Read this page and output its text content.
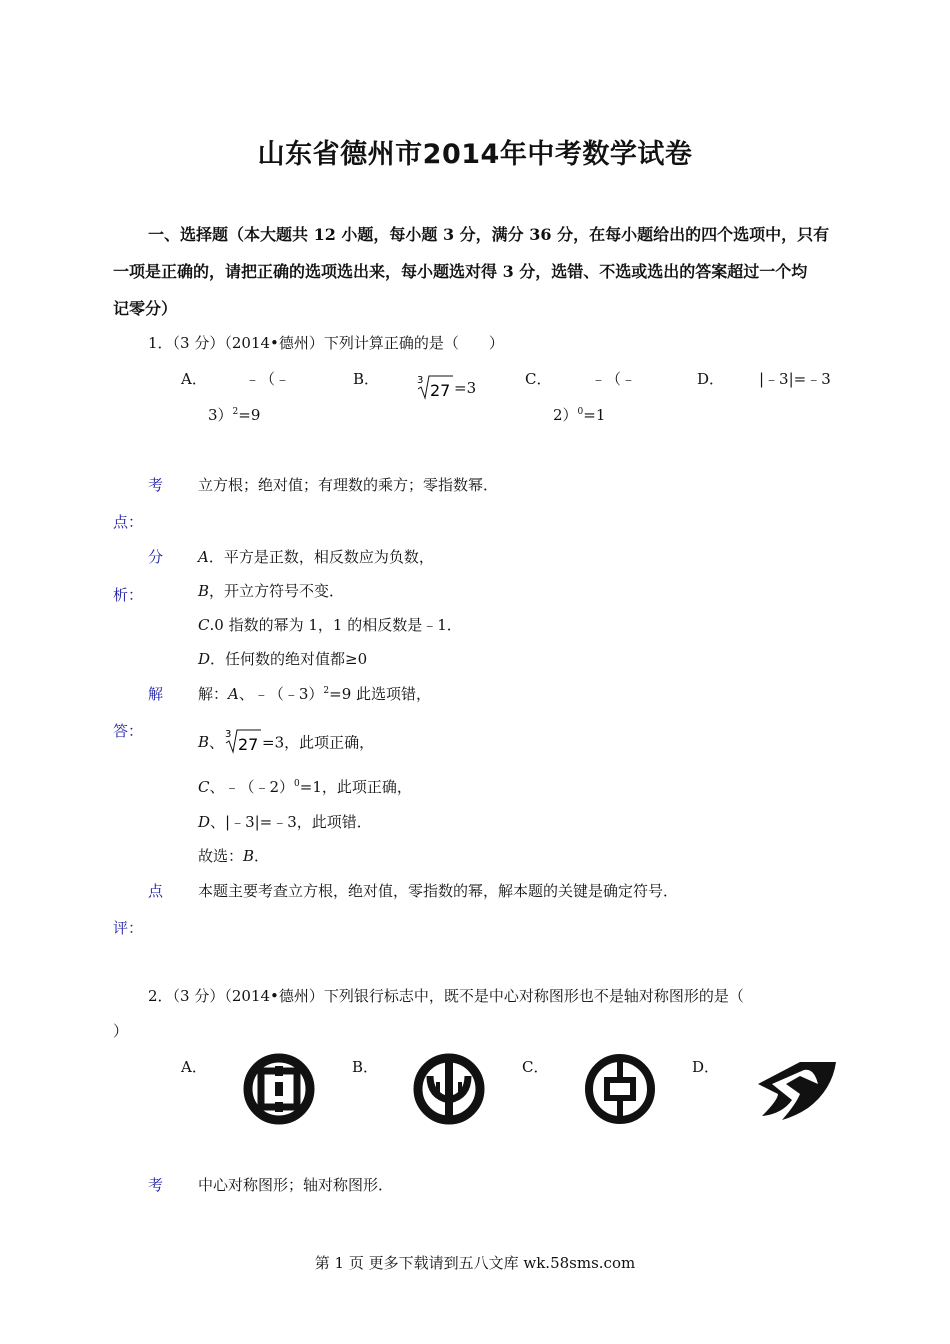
山东省德州市2014年中考数学试卷
一、选择题（本大题共 12 小题，每小题 3 分，满分 36 分，在每小题给出的四个选项中，只有
一项是正确的，请把正确的选项选出来，每小题选对得 3 分，选错、不选或选出的答案超过一个均
记零分）
1．（3 分）（2014•德州）下列计算正确的是（　　）
A．	﹣（﹣
3）$^2$=9
B．	3
27 =3	C．	﹣（﹣
2）$^0$=1
D． |﹣3|=﹣3
考
点：
立方根；绝对值；有理数的乘方；零指数幂．
分
析：
A．平方是正数，相反数应为负数，
B，开立方符号不变．
C.0 指数的幂为 1，1 的相反数是﹣1．
D．任何数的绝对值都≥0
解
答：
解：A、﹣（﹣3）$^2$=9 此选项错，
B、 3
27 =3，此项正确，
C、﹣（﹣2）$^0$=1，此项正确，
D、|﹣3|=﹣3，此项错．
故选：B．
点
评：
本题主要考查立方根，绝对值，零指数的幂，解本题的关键是确定符号．
2．（3 分）（2014•德州）下列银行标志中，既不是中心对称图形也不是轴对称图形的是（
）
A．	B．	C．	D．
考 中心对称图形；轴对称图形．
第 1 页 更多下载请到五八文库 wk.58sms.com
